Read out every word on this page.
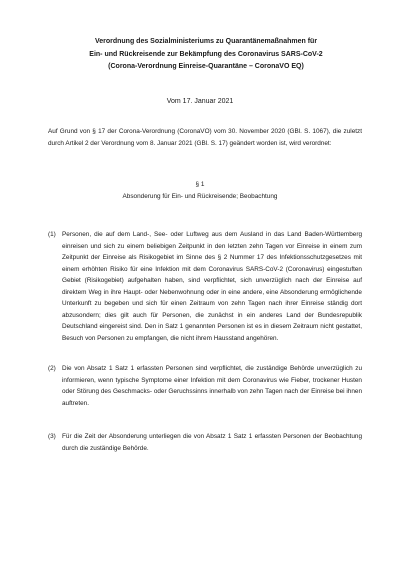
Verordnung des Sozialministeriums zu Quarantänemaßnahmen für Ein- und Rückreisende zur Bekämpfung des Coronavirus SARS-CoV-2 (Corona-Verordnung Einreise-Quarantäne – CoronaVO EQ)

Vom 17. Januar 2021

Auf Grund von § 17 der Corona-Verordnung (CoronaVO) vom 30. November 2020 (GBl. S. 1067), die zuletzt durch Artikel 2 der Verordnung vom 8. Januar 2021 (GBl. S. 17) geändert worden ist, wird verordnet:

§ 1

Absonderung für Ein- und Rückreisende; Beobachtung

(1) Personen, die auf dem Land-, See- oder Luftweg aus dem Ausland in das Land Baden-Württemberg einreisen und sich zu einem beliebigen Zeitpunkt in den letzten zehn Tagen vor Einreise in einem zum Zeitpunkt der Einreise als Risikogebiet im Sinne des § 2 Nummer 17 des Infektionsschutzgesetzes mit einem erhöhten Risiko für eine Infektion mit dem Coronavirus SARS-CoV-2 (Coronavirus) eingestuften Gebiet (Risikogebiet) aufgehalten haben, sind verpflichtet, sich unverzüglich nach der Einreise auf direktem Weg in ihre Haupt- oder Nebenwohnung oder in eine andere, eine Absonderung ermöglichende Unterkunft zu begeben und sich für einen Zeitraum von zehn Tagen nach ihrer Einreise ständig dort abzusondern; dies gilt auch für Personen, die zunächst in ein anderes Land der Bundesrepublik Deutschland eingereist sind. Den in Satz 1 genannten Personen ist es in diesem Zeitraum nicht gestattet, Besuch von Personen zu empfangen, die nicht ihrem Hausstand angehören.
(2) Die von Absatz 1 Satz 1 erfassten Personen sind verpflichtet, die zuständige Behörde unverzüglich zu informieren, wenn typische Symptome einer Infektion mit dem Coronavirus wie Fieber, trockener Husten oder Störung des Geschmacks- oder Geruchssinns innerhalb von zehn Tagen nach der Einreise bei ihnen auftreten.
(3) Für die Zeit der Absonderung unterliegen die von Absatz 1 Satz 1 erfassten Personen der Beobachtung durch die zuständige Behörde.
